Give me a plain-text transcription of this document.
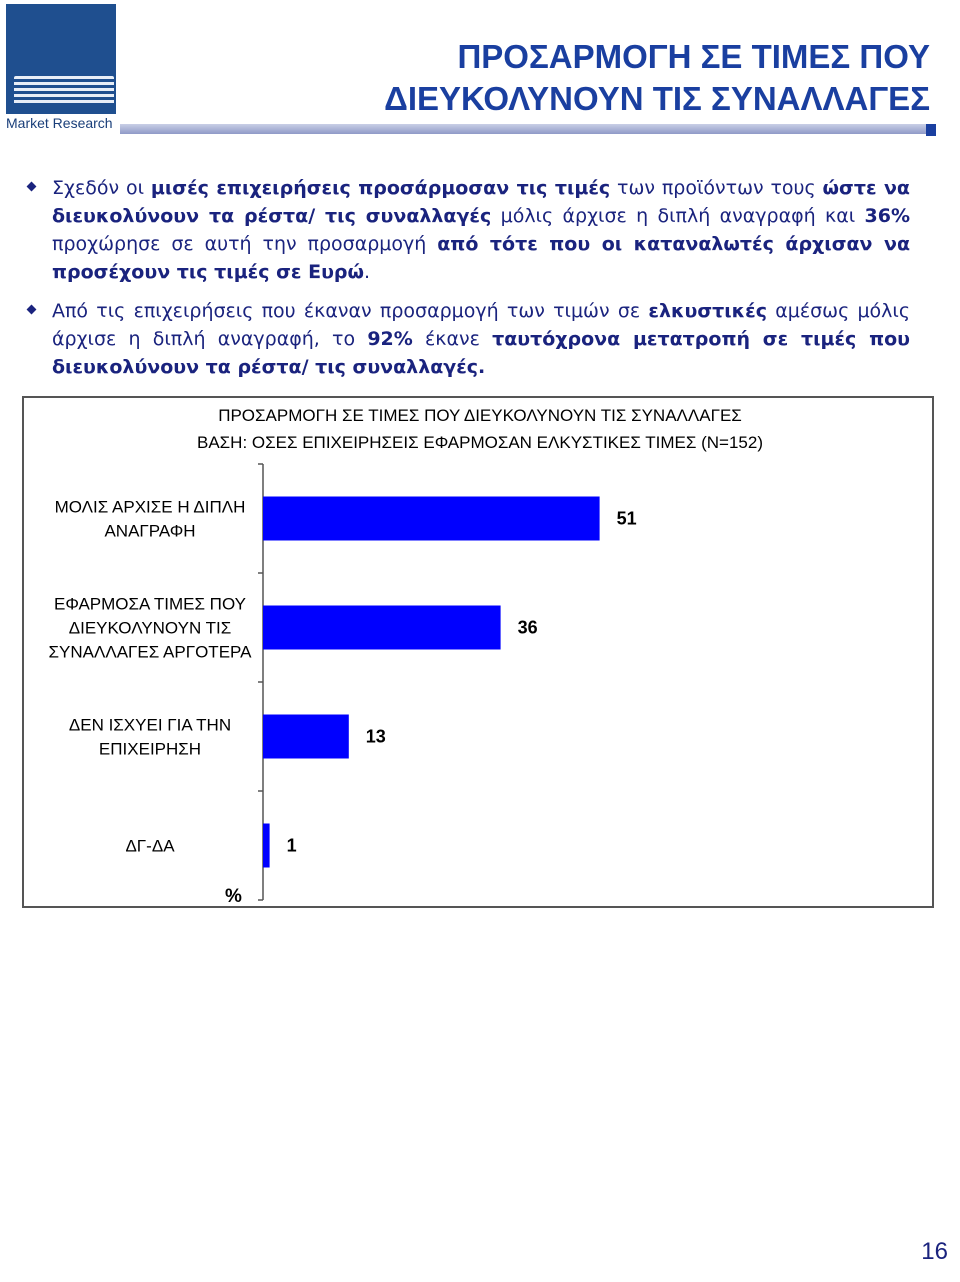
Market Research
ΠΡΟΣΑΡΜΟΓΗ ΣΕ ΤΙΜΕΣ ΠΟΥ
ΔΙΕΥΚΟΛΥΝΟΥΝ ΤΙΣ ΣΥΝΑΛΛΑΓΕΣ
Σχεδόν οι μισές επιχειρήσεις προσάρμοσαν τις τιμές των προϊόντων τους ώστε να διευκολύνουν τα ρέστα/ τις συναλλαγές μόλις άρχισε η διπλή αναγραφή και 36% προχώρησε σε αυτή την προσαρμογή από τότε που οι καταναλωτές άρχισαν να προσέχουν τις τιμές σε Ευρώ.
Από τις επιχειρήσεις που έκαναν προσαρμογή των τιμών σε ελκυστικές αμέσως μόλις άρχισε η διπλή αναγραφή, το 92% έκανε ταυτόχρονα μετατροπή σε τιμές που διευκολύνουν τα ρέστα/ τις συναλλαγές.
ΠΡΟΣΑΡΜΟΓΗ ΣΕ ΤΙΜΕΣ ΠΟΥ ΔΙΕΥΚΟΛΥΝΟΥΝ ΤΙΣ ΣΥΝΑΛΛΑΓΕΣ
ΒΑΣΗ: ΟΣΕΣ ΕΠΙΧΕΙΡΗΣΕΙΣ ΕΦΑΡΜΟΣΑΝ ΕΛΚΥΣΤΙΚΕΣ ΤΙΜΕΣ (Ν=152)
51
ΜΟΛΙΣ ΑΡΧΙΣΕ Η ΔΙΠΛΗ
ΑΝΑΓΡΑΦΗ
36
ΕΦΑΡΜΟΣΑ ΤΙΜΕΣ ΠΟΥ
ΔΙΕΥΚΟΛΥΝΟΥΝ ΤΙΣ
ΣΥΝΑΛΛΑΓΕΣ ΑΡΓΟΤΕΡΑ
13
ΔΕΝ ΙΣΧΥΕΙ ΓΙΑ ΤΗΝ
ΕΠΙΧΕΙΡΗΣΗ
1
ΔΓ-ΔΑ
%
16
